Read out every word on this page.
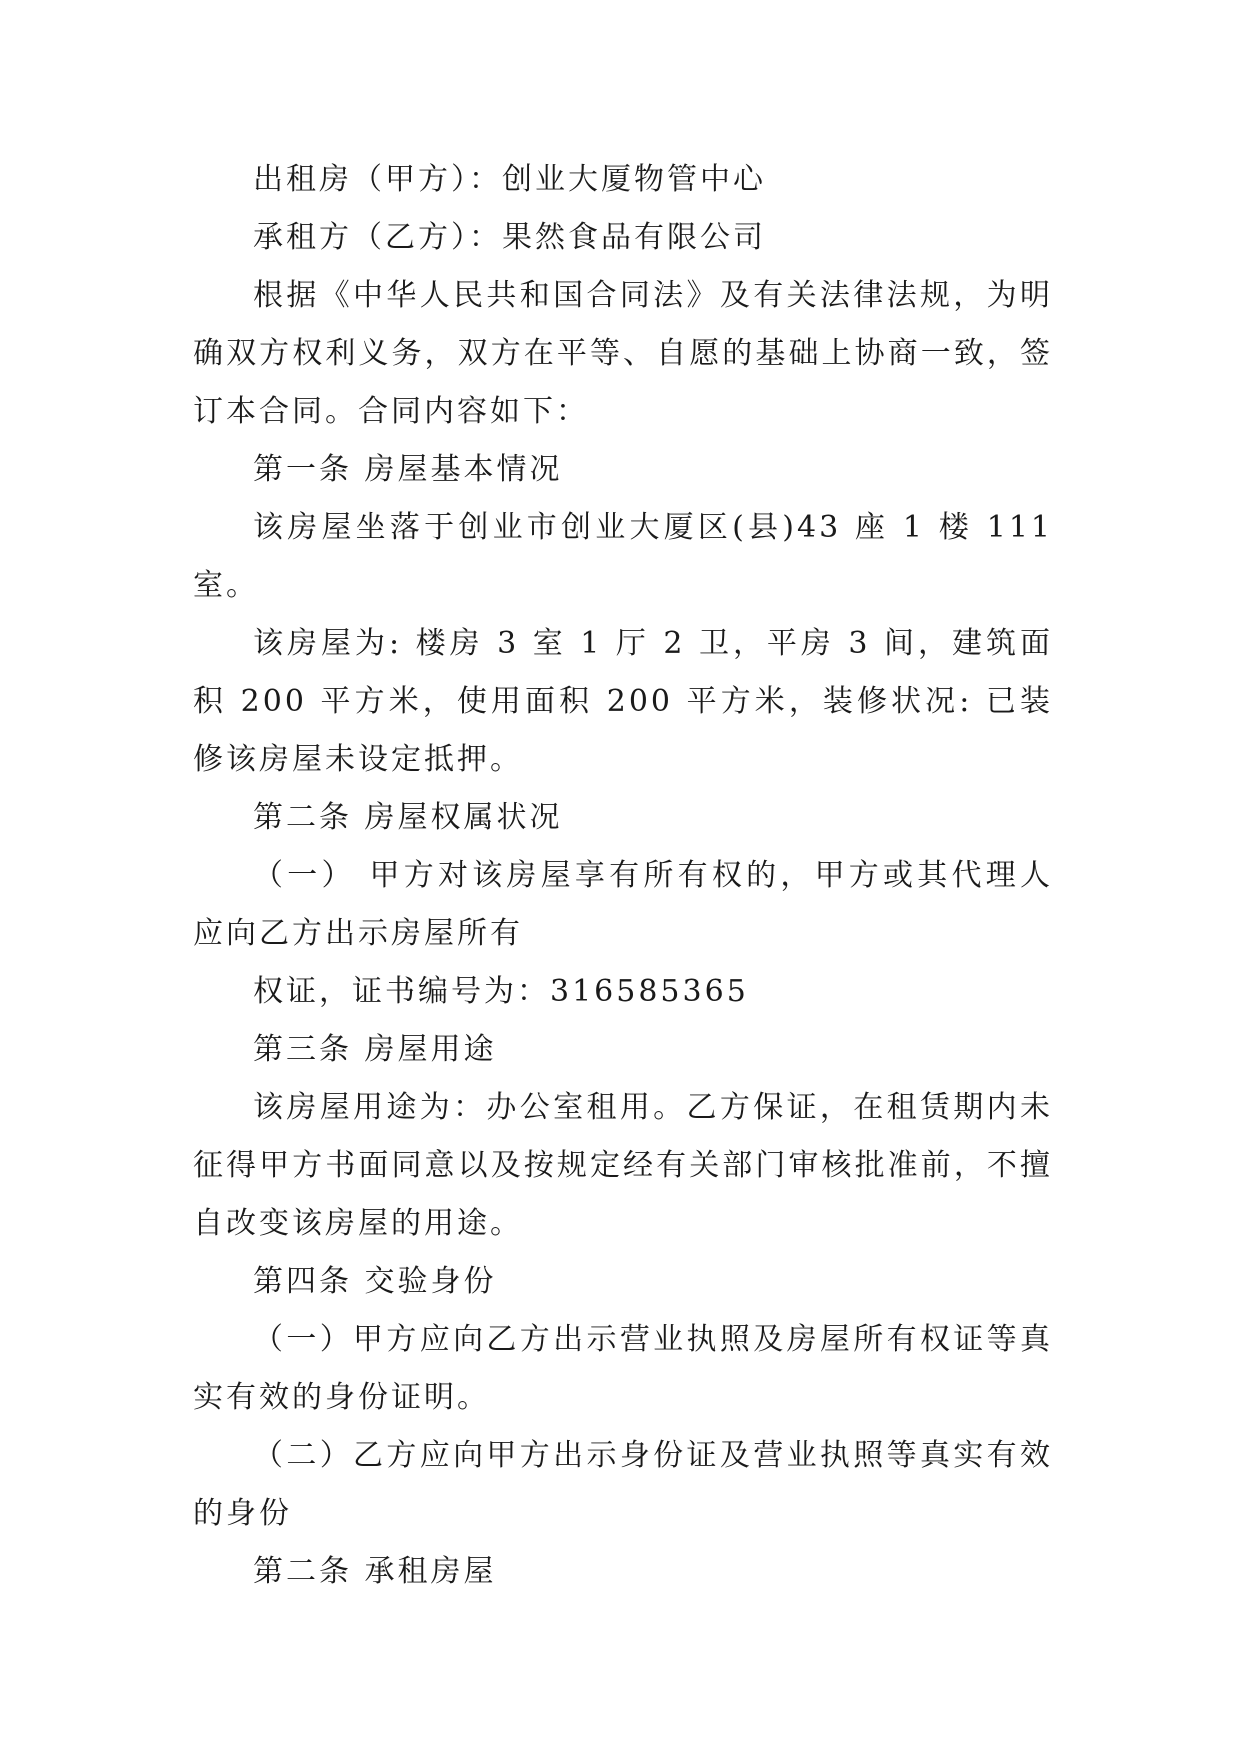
出租房（甲方）：创业大厦物管中心

承租方（乙方）：果然食品有限公司

根据《中华人民共和国合同法》及有关法律法规，为明确双方权利义务，双方在平等、自愿的基础上协商一致，签订本合同。合同内容如下：

第一条 房屋基本情况

该房屋坐落于创业市创业大厦区(县)43 座 1 楼 111 室。

该房屋为: 楼房 3 室 1 厅 2 卫，平房 3 间，建筑面积 200 平方米，使用面积 200 平方米，装修状况: 已装修该房屋未设定抵押。

第二条 房屋权属状况

（一） 甲方对该房屋享有所有权的，甲方或其代理人应向乙方出示房屋所有

权证，证书编号为：316585365

第三条 房屋用途

该房屋用途为：办公室租用。乙方保证，在租赁期内未征得甲方书面同意以及按规定经有关部门审核批准前，不擅自改变该房屋的用途。

第四条 交验身份

（一）甲方应向乙方出示营业执照及房屋所有权证等真实有效的身份证明。

（二）乙方应向甲方出示身份证及营业执照等真实有效的身份

第二条 承租房屋
